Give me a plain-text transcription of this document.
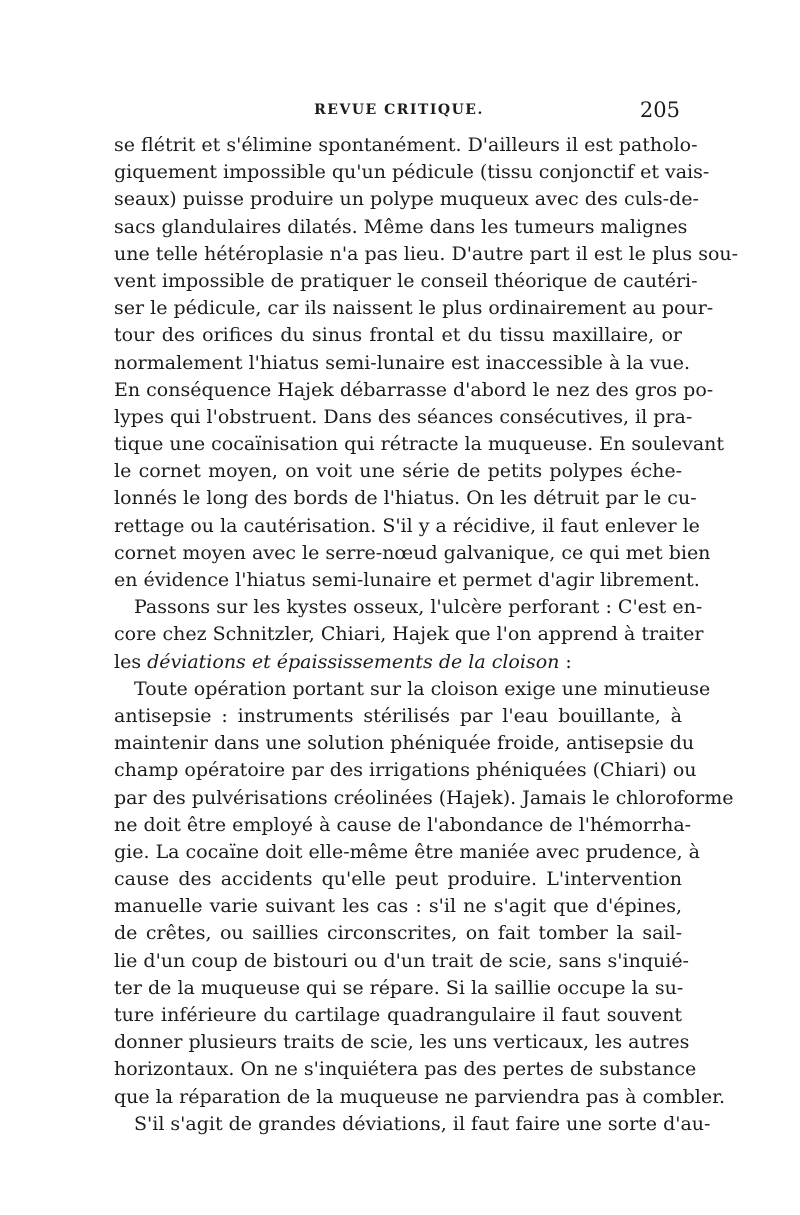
REVUE CRITIQUE.	205
se flétrit et s'élimine spontanément. D'ailleurs il est patholo-
giquement impossible qu'un pédicule (tissu conjonctif et vais-
seaux) puisse produire un polype muqueux avec des culs-de-
sacs glandulaires dilatés. Même dans les tumeurs malignes
une telle hétéroplasie n'a pas lieu. D'autre part il est le plus sou-
vent impossible de pratiquer le conseil théorique de cautéri-
ser le pédicule, car ils naissent le plus ordinairement au pour-
tour des orifices du sinus frontal et du tissu maxillaire, or
normalement l'hiatus semi-lunaire est inaccessible à la vue.
En conséquence Hajek débarrasse d'abord le nez des gros po-
lypes qui l'obstruent. Dans des séances consécutives, il pra-
tique une cocaïnisation qui rétracte la muqueuse. En soulevant
le cornet moyen, on voit une série de petits polypes éche-
lonnés le long des bords de l'hiatus. On les détruit par le cu-
rettage ou la cautérisation. S'il y a récidive, il faut enlever le
cornet moyen avec le serre-nœud galvanique, ce qui met bien
en évidence l'hiatus semi-lunaire et permet d'agir librement.
Passons sur les kystes osseux, l'ulcère perforant : C'est en-
core chez Schnitzler, Chiari, Hajek que l'on apprend à traiter
les déviations et épaississements de la cloison :
Toute opération portant sur la cloison exige une minutieuse
antisepsie : instruments stérilisés par l'eau bouillante, à
maintenir dans une solution phéniquée froide, antisepsie du
champ opératoire par des irrigations phéniquées (Chiari) ou
par des pulvérisations créolinées (Hajek). Jamais le chloroforme
ne doit être employé à cause de l'abondance de l'hémorrha-
gie. La cocaïne doit elle-même être maniée avec prudence, à
cause des accidents qu'elle peut produire. L'intervention
manuelle varie suivant les cas : s'il ne s'agit que d'épines,
de crêtes, ou saillies circonscrites, on fait tomber la sail-
lie d'un coup de bistouri ou d'un trait de scie, sans s'inquié-
ter de la muqueuse qui se répare. Si la saillie occupe la su-
ture inférieure du cartilage quadrangulaire il faut souvent
donner plusieurs traits de scie, les uns verticaux, les autres
horizontaux. On ne s'inquiétera pas des pertes de substance
que la réparation de la muqueuse ne parviendra pas à combler.
S'il s'agit de grandes déviations, il faut faire une sorte d'au-
